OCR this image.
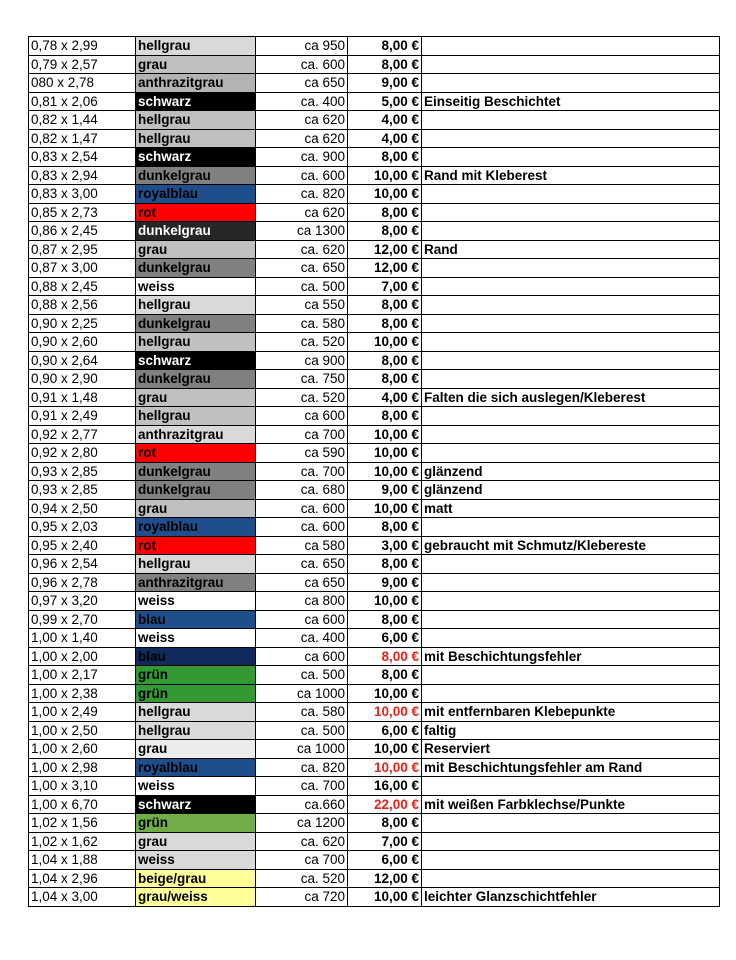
0,78 x 2,99	hellgrau	ca 950	8,00 €	
0,79 x 2,57	grau	ca. 600	8,00 €	
080 x 2,78	anthrazitgrau	ca 650	9,00 €	
0,81 x 2,06	schwarz	ca. 400	5,00 €	Einseitig Beschichtet
0,82 x 1,44	hellgrau	ca 620	4,00 €	
0,82 x 1,47	hellgrau	ca 620	4,00 €	
0,83 x 2,54	schwarz	ca. 900	8,00 €	
0,83 x 2,94	dunkelgrau	ca. 600	10,00 €	Rand mit Kleberest
0,83 x 3,00	royalblau	ca. 820	10,00 €	
0,85 x 2,73	rot	ca 620	8,00 €	
0,86 x 2,45	dunkelgrau	ca 1300	8,00 €	
0,87 x 2,95	grau	ca. 620	12,00 €	Rand
0,87 x 3,00	dunkelgrau	ca. 650	12,00 €	
0,88 x 2,45	weiss	ca. 500	7,00 €	
0,88 x 2,56	hellgrau	ca 550	8,00 €	
0,90 x 2,25	dunkelgrau	ca. 580	8,00 €	
0,90 x 2,60	hellgrau	ca. 520	10,00 €	
0,90 x 2,64	schwarz	ca 900	8,00 €	
0,90 x 2,90	dunkelgrau	ca. 750	8,00 €	
0,91 x 1,48	grau	ca. 520	4,00 €	Falten die sich auslegen/Kleberest
0,91 x 2,49	hellgrau	ca 600	8,00 €	
0,92 x 2,77	anthrazitgrau	ca 700	10,00 €	
0,92 x 2,80	rot	ca 590	10,00 €	
0,93 x 2,85	dunkelgrau	ca. 700	10,00 €	glänzend
0,93 x 2,85	dunkelgrau	ca. 680	9,00 €	glänzend
0,94 x 2,50	grau	ca. 600	10,00 €	matt
0,95 x 2,03	royalblau	ca. 600	8,00 €	
0,95 x 2,40	rot	ca 580	3,00 €	gebraucht mit Schmutz/Klebereste
0,96 x 2,54	hellgrau	ca. 650	8,00 €	
0,96 x 2,78	anthrazitgrau	ca 650	9,00 €	
0,97 x 3,20	weiss	ca 800	10,00 €	
0,99 x 2,70	blau	ca 600	8,00 €	
1,00 x 1,40	weiss	ca. 400	6,00 €	
1,00 x 2,00	blau	ca 600	8,00 €	mit Beschichtungsfehler
1,00 x 2,17	grün	ca. 500	8,00 €	
1,00 x 2,38	grün	ca 1000	10,00 €	
1,00 x 2,49	hellgrau	ca. 580	10,00 €	mit entfernbaren Klebepunkte
1,00 x 2,50	hellgrau	ca. 500	6,00 €	faltig
1,00 x 2,60	grau	ca 1000	10,00 €	Reserviert
1,00 x 2,98	royalblau	ca. 820	10,00 €	mit Beschichtungsfehler am Rand
1,00 x 3,10	weiss	ca. 700	16,00 €	
1,00 x 6,70	schwarz	ca.660	22,00 €	mit weißen Farbklechse/Punkte
1,02 x 1,56	grün	ca 1200	8,00 €	
1,02 x 1,62	grau	ca. 620	7,00 €	
1,04 x 1,88	weiss	ca 700	6,00 €	
1,04 x 2,96	beige/grau	ca. 520	12,00 €	
1,04 x 3,00	grau/weiss	ca 720	10,00 €	leichter Glanzschichtfehler
